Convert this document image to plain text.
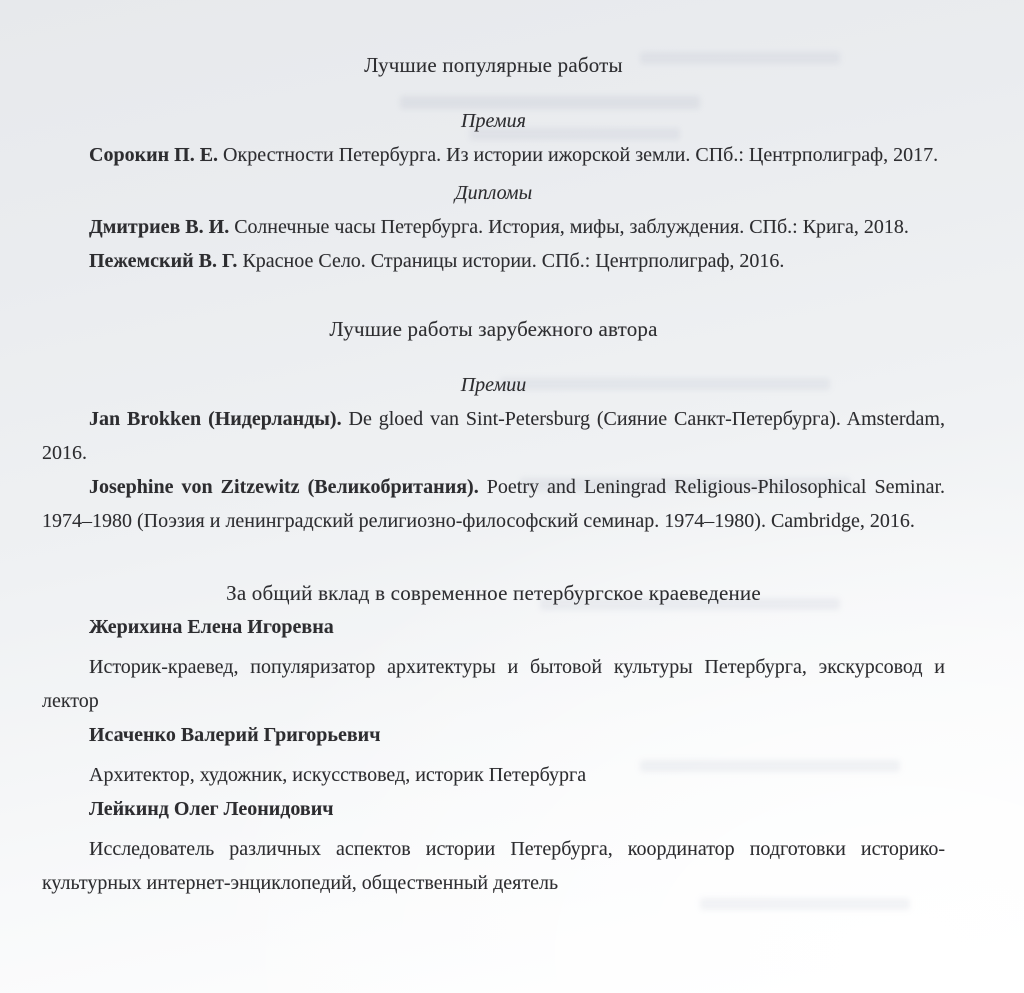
Лучшие популярные работы

Премия

Сорокин П. Е. Окрестности Петербурга. Из истории ижорской земли. СПб.: Центрполиграф, 2017.

Дипломы

Дмитриев В. И. Солнечные часы Петербурга. История, мифы, заблуждения. СПб.: Крига, 2018.

Пежемский В. Г. Красное Село. Страницы истории. СПб.: Центрполиграф, 2016.

Лучшие работы зарубежного автора

Премии

Jan Brokken (Нидерланды). De gloed van Sint-Petersburg (Сияние Санкт-Петербурга). Amsterdam, 2016.

Josephine von Zitzewitz (Великобритания). Poetry and Leningrad Religious-Philosophical Seminar. 1974–1980 (Поэзия и ленинградский религиозно-философский семинар. 1974–1980). Cambridge, 2016.

За общий вклад в современное петербургское краеведение

Жерихина Елена Игоревна

Историк-краевед, популяризатор архитектуры и бытовой культуры Петербурга, экскурсовод и лектор

Исаченко Валерий Григорьевич

Архитектор, художник, искусствовед, историк Петербурга

Лейкинд Олег Леонидович

Исследователь различных аспектов истории Петербурга, координатор подготовки историко-культурных интернет-энциклопедий, общественный деятель
